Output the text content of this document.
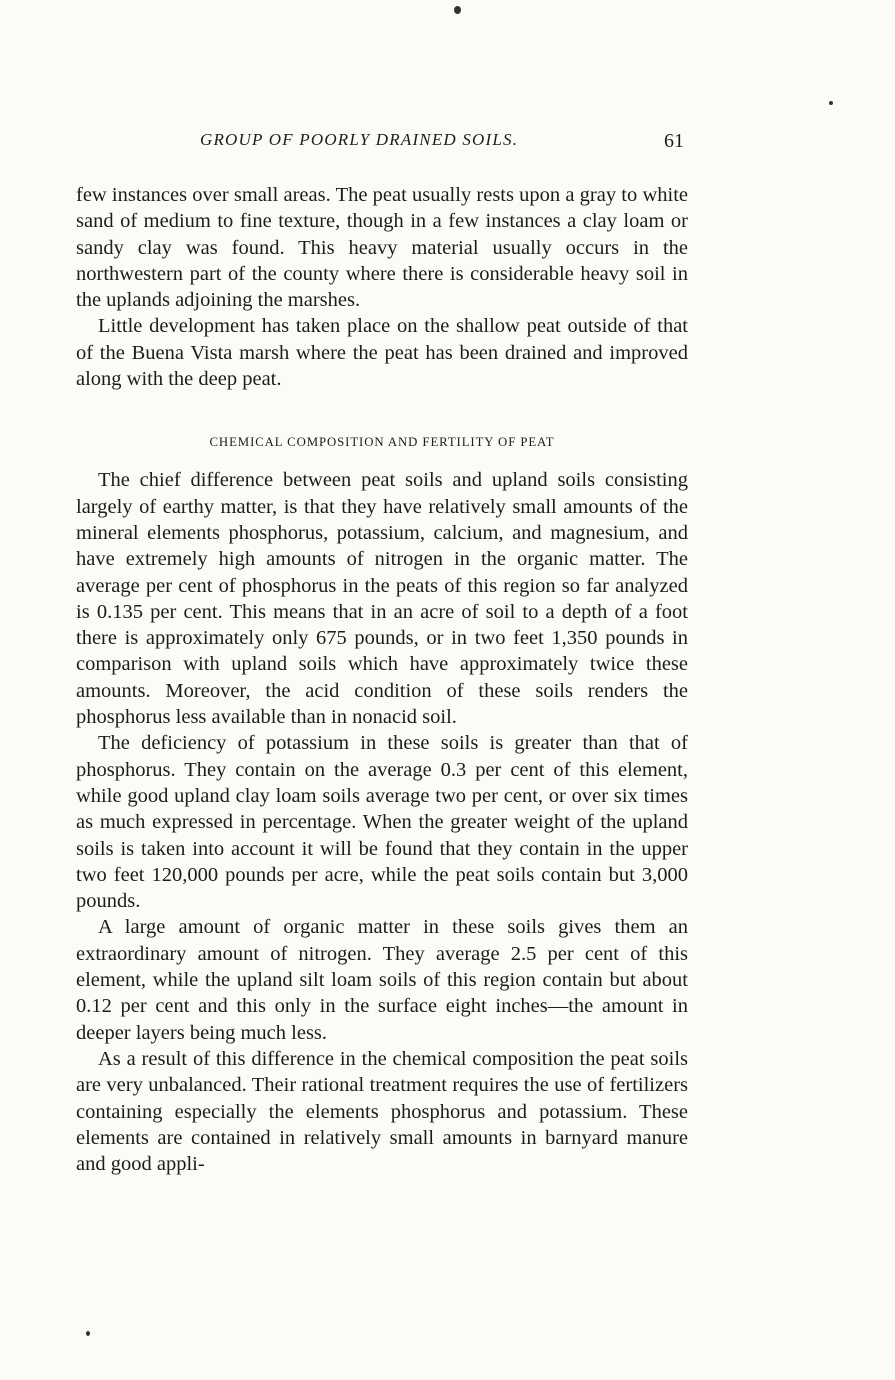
GROUP OF POORLY DRAINED SOILS.	61

few instances over small areas. The peat usually rests upon a gray to white sand of medium to fine texture, though in a few instances a clay loam or sandy clay was found. This heavy material usually occurs in the northwestern part of the county where there is considerable heavy soil in the uplands adjoining the marshes.

Little development has taken place on the shallow peat outside of that of the Buena Vista marsh where the peat has been drained and improved along with the deep peat.

CHEMICAL COMPOSITION AND FERTILITY OF PEAT

The chief difference between peat soils and upland soils consisting largely of earthy matter, is that they have relatively small amounts of the mineral elements phosphorus, potassium, calcium, and magnesium, and have extremely high amounts of nitrogen in the organic matter. The average per cent of phosphorus in the peats of this region so far analyzed is 0.135 per cent. This means that in an acre of soil to a depth of a foot there is approximately only 675 pounds, or in two feet 1,350 pounds in comparison with upland soils which have approximately twice these amounts. Moreover, the acid condition of these soils renders the phosphorus less available than in nonacid soil.

The deficiency of potassium in these soils is greater than that of phosphorus. They contain on the average 0.3 per cent of this element, while good upland clay loam soils average two per cent, or over six times as much expressed in percentage. When the greater weight of the upland soils is taken into account it will be found that they contain in the upper two feet 120,000 pounds per acre, while the peat soils contain but 3,000 pounds.

A large amount of organic matter in these soils gives them an extraordinary amount of nitrogen. They average 2.5 per cent of this element, while the upland silt loam soils of this region contain but about 0.12 per cent and this only in the surface eight inches—the amount in deeper layers being much less.

As a result of this difference in the chemical composition the peat soils are very unbalanced. Their rational treatment requires the use of fertilizers containing especially the elements phosphorus and potassium. These elements are contained in relatively small amounts in barnyard manure and good appli-
